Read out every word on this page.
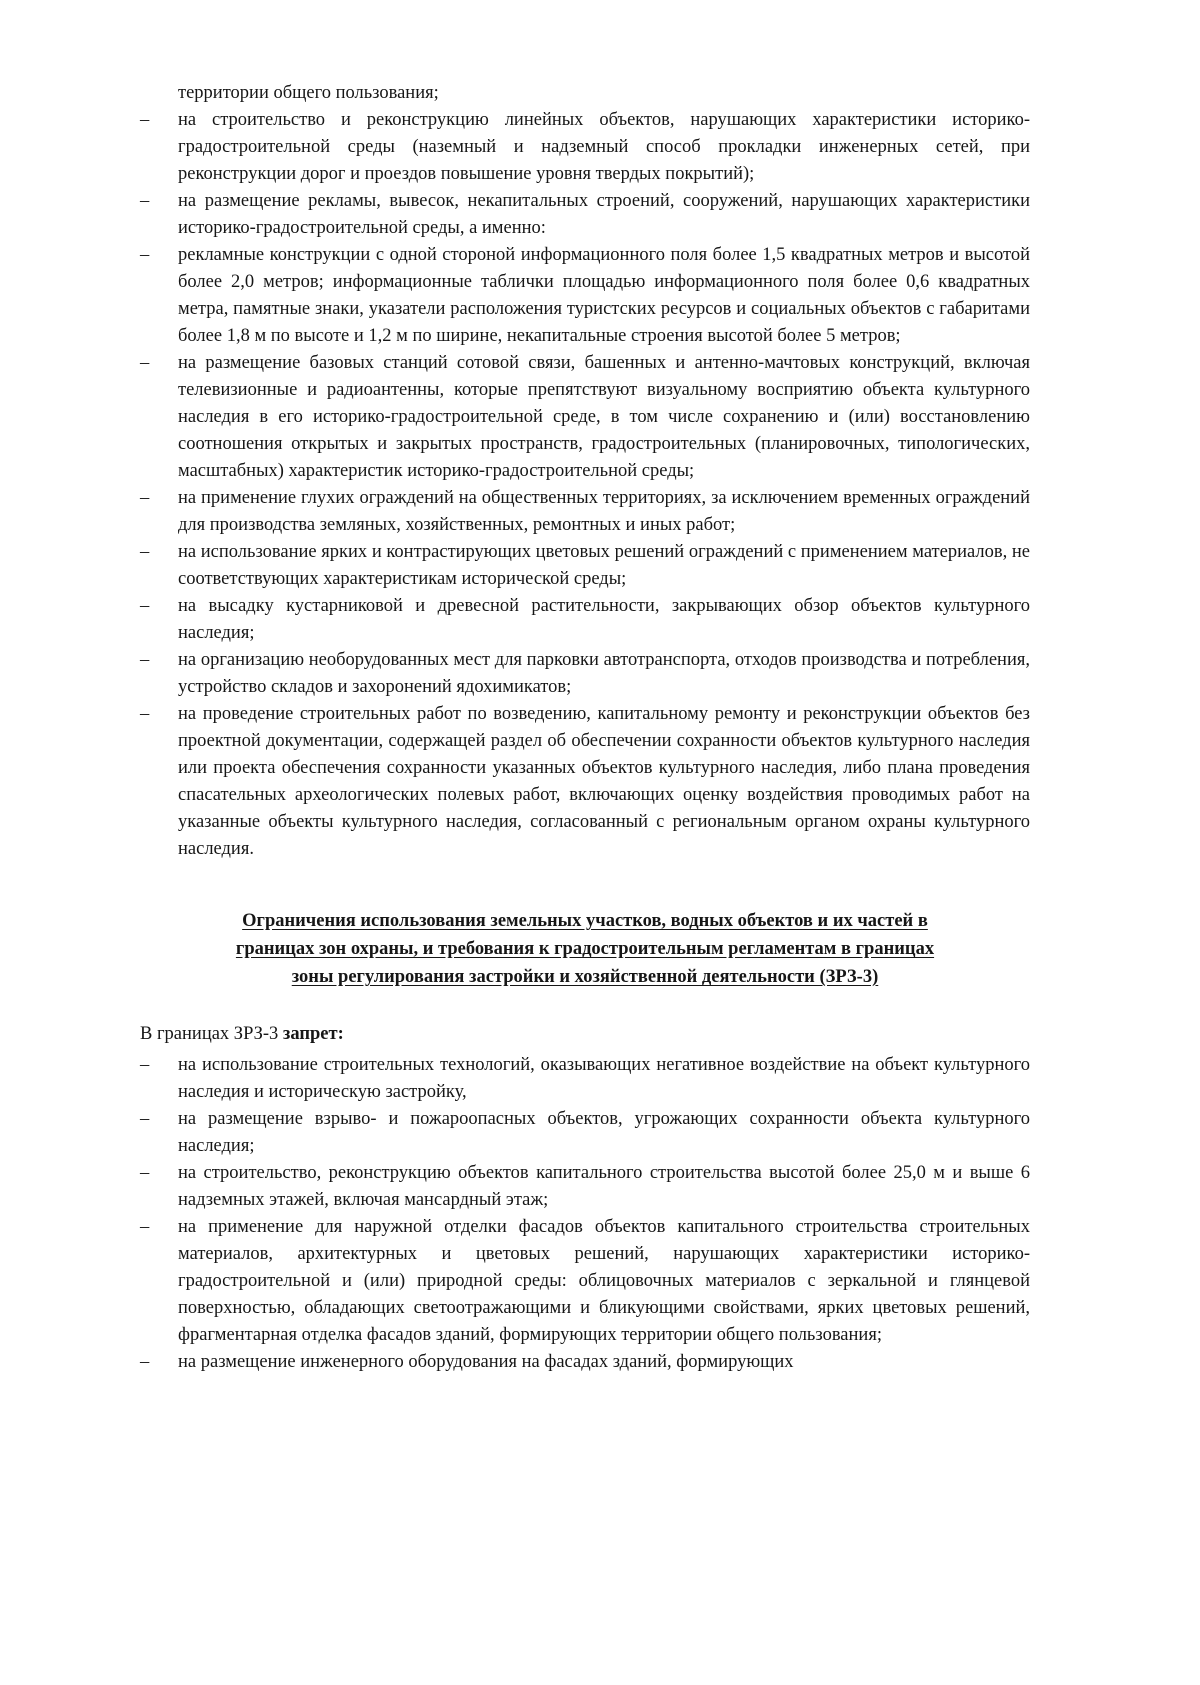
территории общего пользования;

–	на строительство и реконструкцию линейных объектов, нарушающих характеристики историко-градостроительной среды (наземный и надземный способ прокладки инженерных сетей, при реконструкции дорог и проездов повышение уровня твердых покрытий);
–	на размещение рекламы, вывесок, некапитальных строений, сооружений, нарушающих характеристики историко-градостроительной среды, а именно:
–	рекламные конструкции с одной стороной информационного поля более 1,5 квадратных метров и высотой более 2,0 метров; информационные таблички площадью информационного поля более 0,6 квадратных метра, памятные знаки, указатели расположения туристских ресурсов и социальных объектов с габаритами более 1,8 м по высоте и 1,2 м по ширине, некапитальные строения высотой более 5 метров;
–	на размещение базовых станций сотовой связи, башенных и антенно-мачтовых конструкций, включая телевизионные и радиоантенны, которые препятствуют визуальному восприятию объекта культурного наследия в его историко-градостроительной среде, в том числе сохранению и (или) восстановлению соотношения открытых и закрытых пространств, градостроительных (планировочных, типологических, масштабных) характеристик историко-градостроительной среды;
–	на применение глухих ограждений на общественных территориях, за исключением временных ограждений для производства земляных, хозяйственных, ремонтных и иных работ;
–	на использование ярких и контрастирующих цветовых решений ограждений с применением материалов, не соответствующих характеристикам исторической среды;
–	на высадку кустарниковой и древесной растительности, закрывающих обзор объектов культурного наследия;
–	на организацию необорудованных мест для парковки автотранспорта, отходов производства и потребления, устройство складов и захоронений ядохимикатов;
–	на проведение строительных работ по возведению, капитальному ремонту и реконструкции объектов без проектной документации, содержащей раздел об обеспечении сохранности объектов культурного наследия или проекта обеспечения сохранности указанных объектов культурного наследия, либо плана проведения спасательных археологических полевых работ, включающих оценку воздействия проводимых работ на указанные объекты культурного наследия, согласованный с региональным органом охраны культурного наследия.
Ограничения использования земельных участков, водных объектов и их частей в
границах зон охраны, и требования к градостроительным регламентам в границах
зоны регулирования застройки и хозяйственной деятельности (ЗРЗ-3)

В границах ЗРЗ-3 запрет:

–	на использование строительных технологий, оказывающих негативное воздействие на объект культурного наследия и историческую застройку,
–	на размещение взрыво- и пожароопасных объектов, угрожающих сохранности объекта культурного наследия;
–	на строительство, реконструкцию объектов капитального строительства высотой более 25,0 м и выше 6 надземных этажей, включая мансардный этаж;
–	на применение для наружной отделки фасадов объектов капитального строительства строительных материалов, архитектурных и цветовых решений, нарушающих характеристики историко-градостроительной и (или) природной среды: облицовочных материалов с зеркальной и глянцевой поверхностью, обладающих светоотражающими и бликующими свойствами, ярких цветовых решений, фрагментарная отделка фасадов зданий, формирующих территории общего пользования;
–	на размещение инженерного оборудования на фасадах зданий, формирующих
